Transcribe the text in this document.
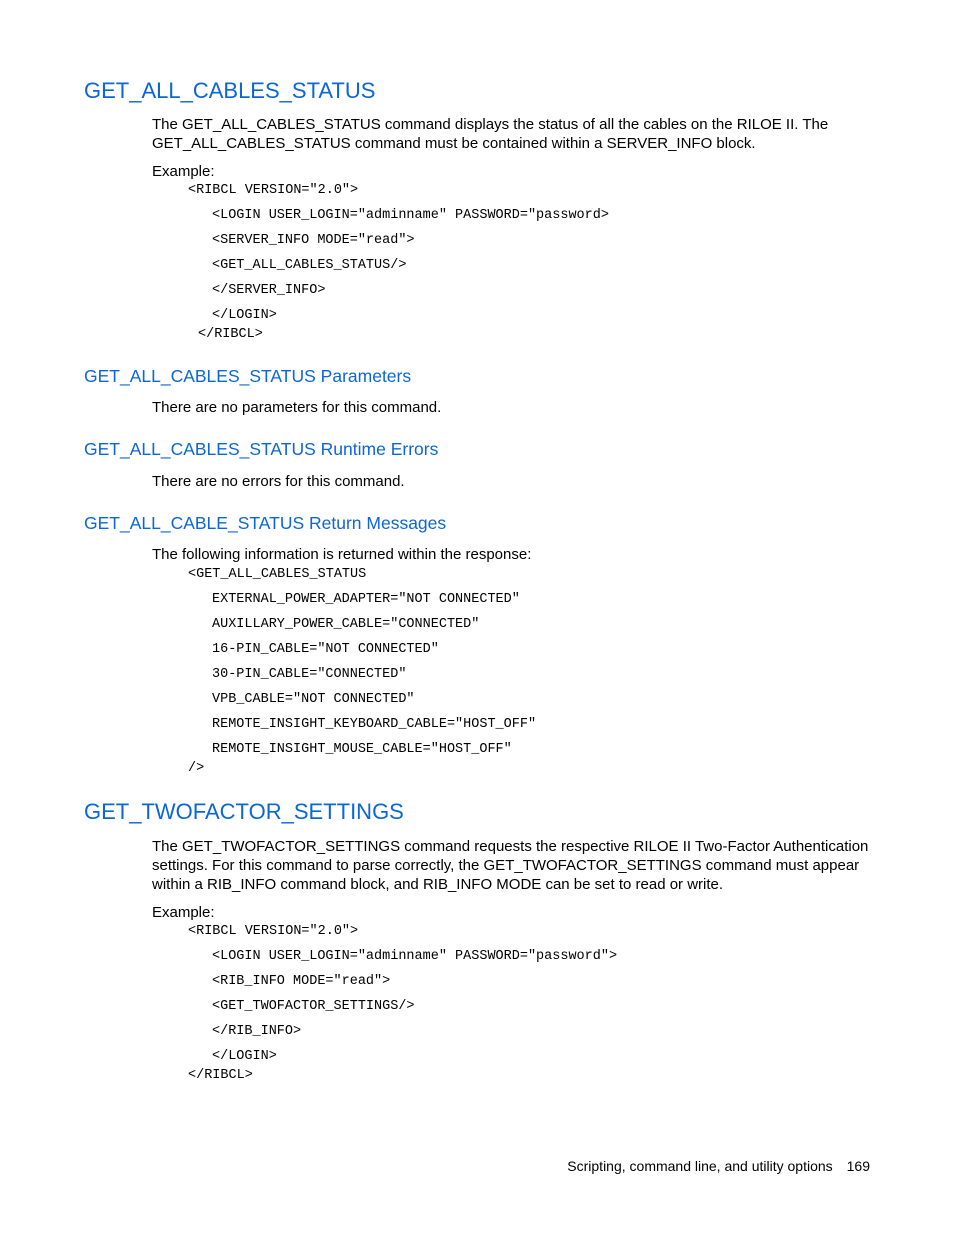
GET_ALL_CABLES_STATUS

The GET_ALL_CABLES_STATUS command displays the status of all the cables on the RILOE II. The GET_ALL_CABLES_STATUS command must be contained within a SERVER_INFO block.

Example:

<RIBCL VERSION="2.0">
<LOGIN USER_LOGIN="adminname" PASSWORD="password>
<SERVER_INFO MODE="read">
<GET_ALL_CABLES_STATUS/>
</SERVER_INFO>
</LOGIN>
</RIBCL>
GET_ALL_CABLES_STATUS Parameters

There are no parameters for this command.

GET_ALL_CABLES_STATUS Runtime Errors

There are no errors for this command.

GET_ALL_CABLE_STATUS Return Messages

The following information is returned within the response:

<GET_ALL_CABLES_STATUS
EXTERNAL_POWER_ADAPTER="NOT CONNECTED"
AUXILLARY_POWER_CABLE="CONNECTED"
16-PIN_CABLE="NOT CONNECTED"
30-PIN_CABLE="CONNECTED"
VPB_CABLE="NOT CONNECTED"
REMOTE_INSIGHT_KEYBOARD_CABLE="HOST_OFF"
REMOTE_INSIGHT_MOUSE_CABLE="HOST_OFF"
/>
GET_TWOFACTOR_SETTINGS

The GET_TWOFACTOR_SETTINGS command requests the respective RILOE II Two-Factor Authentication settings. For this command to parse correctly, the GET_TWOFACTOR_SETTINGS command must appear within a RIB_INFO command block, and RIB_INFO MODE can be set to read or write.

Example:

<RIBCL VERSION="2.0">
<LOGIN USER_LOGIN="adminname" PASSWORD="password">
<RIB_INFO MODE="read">
<GET_TWOFACTOR_SETTINGS/>
</RIB_INFO>
</LOGIN>
</RIBCL>
Scripting, command line, and utility options 169
